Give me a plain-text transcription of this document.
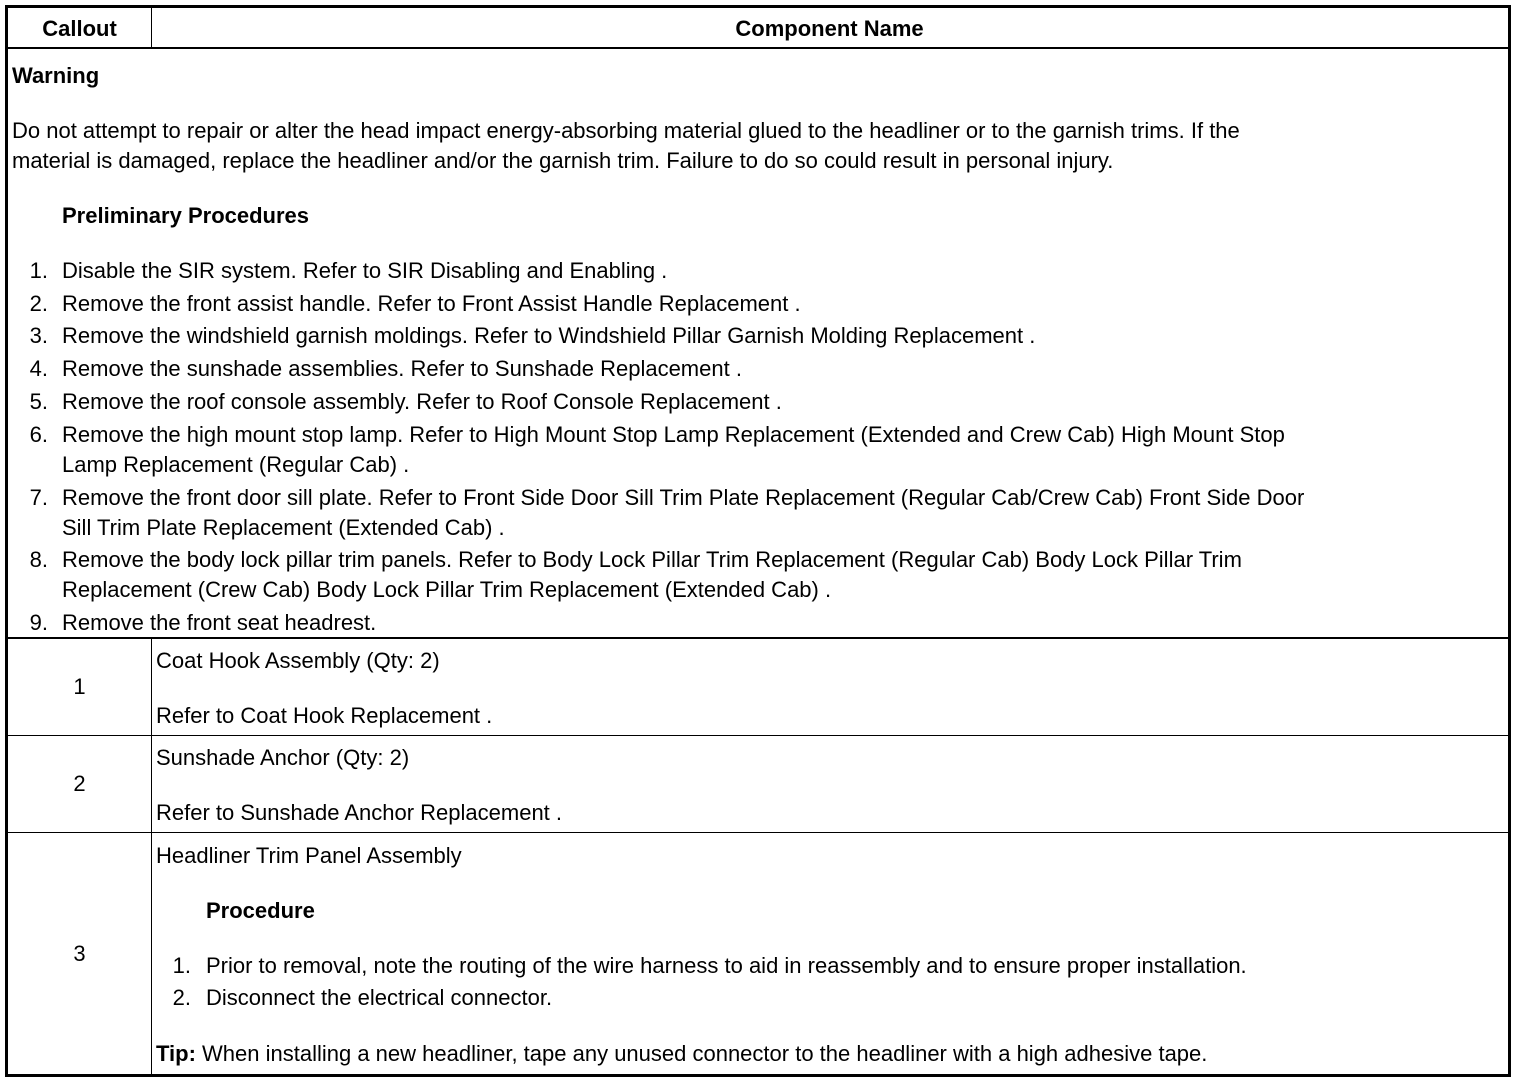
Callout	Component Name
Warning
Do not attempt to repair or alter the head impact energy-absorbing material glued to the headliner or to the garnish trims. If the
material is damaged, replace the headliner and/or the garnish trim. Failure to do so could result in personal injury.
Preliminary Procedures
1. Disable the SIR system. Refer to SIR Disabling and Enabling .
2. Remove the front assist handle. Refer to Front Assist Handle Replacement .
3. Remove the windshield garnish moldings. Refer to Windshield Pillar Garnish Molding Replacement .
4. Remove the sunshade assemblies. Refer to Sunshade Replacement .
5. Remove the roof console assembly. Refer to Roof Console Replacement .
6. Remove the high mount stop lamp. Refer to High Mount Stop Lamp Replacement (Extended and Crew Cab) High Mount Stop
Lamp Replacement (Regular Cab) .
7. Remove the front door sill plate. Refer to Front Side Door Sill Trim Plate Replacement (Regular Cab/Crew Cab) Front Side Door
Sill Trim Plate Replacement (Extended Cab) .
8. Remove the body lock pillar trim panels. Refer to Body Lock Pillar Trim Replacement (Regular Cab) Body Lock Pillar Trim
Replacement (Crew Cab) Body Lock Pillar Trim Replacement (Extended Cab) .
9. Remove the front seat headrest.
1
Coat Hook Assembly (Qty: 2)
Refer to Coat Hook Replacement .
2
Sunshade Anchor (Qty: 2)
Refer to Sunshade Anchor Replacement .
3
Headliner Trim Panel Assembly
Procedure
1. Prior to removal, note the routing of the wire harness to aid in reassembly and to ensure proper installation.
2. Disconnect the electrical connector.
Tip: When installing a new headliner, tape any unused connector to the headliner with a high adhesive tape.
